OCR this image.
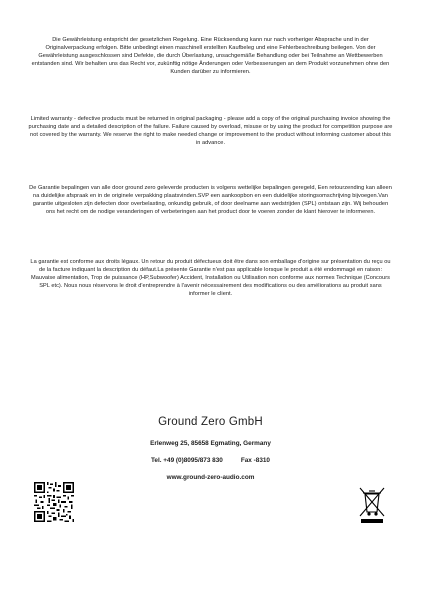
Die Gewährleistung entspricht der gesetzlichen Regelung. Eine Rücksendung kann nur nach vorheriger Absprache und in der Originalverpackung erfolgen. Bitte unbedingt einen maschinell erstellten Kaufbeleg und eine Fehlerbeschreibung beilegen. Von der Gewährleistung ausgeschlossen sind Defekte, die durch Überlastung, unsachgemäße Behandlung oder bei Teilnahme an Wettbewerben entstanden sind. Wir behalten uns das Recht vor, zukünftig nötige Änderungen oder Verbesserungen an dem Produkt vorzunehmen ohne den Kunden darüber zu informieren.
Limited warranty - defective products must be returned in original packaging - please add a copy of the original purchasing invoice showing the purchasing date and a detailed description of the failure. Failure caused by overload, misuse or by using the product for competition purpose are not covered by the warranty. We reserve the right to make needed change or improvement to the product without informing customer about this in advance.
De Garantie bepalingen van alle door ground zero geleverde producten is volgens wettelijke bepalingen geregeld, Een retourzending kan alleen na duidelijke afspraak en in de originele verpakking plaatsvinden.SVP een aankoopbon en een duidelijke storingsomschrijving bijvoegen.Van garantie uitgesloten zijn defecten door overbelasting, onkundig gebruik, of door deelname aan wedstrijden (SPL) ontstaan zijn. Wij behouden ons het recht om de nodige veranderingen of verbeteringen aan het product door te voeren zonder de klant hierover te informeren.
La garantie est conforme aux droits légaux. Un retour du produit défectueux doit être dans son emballage d'origine sur présentation du reçu ou de la facture indiquant la description du défaut.La présente Garantie n'est pas applicable lorsque le produit a été endommagé en raison: Mauvaise alimentation, Trop de puissance (HP,Subwoofer) Accident, Installation ou Utilisation non conforme aux normes Technique (Concours SPL etc). Nous nous réservons le droit d'entreprendre à l'avenir nécessairement des modifications ou des améliorations au produit sans informer le client.
Ground Zero GmbH
Erlenweg 25, 85658 Egmating, Germany
Tel. +49 (0)8095/873 830	Fax -8310
www.ground-zero-audio.com
